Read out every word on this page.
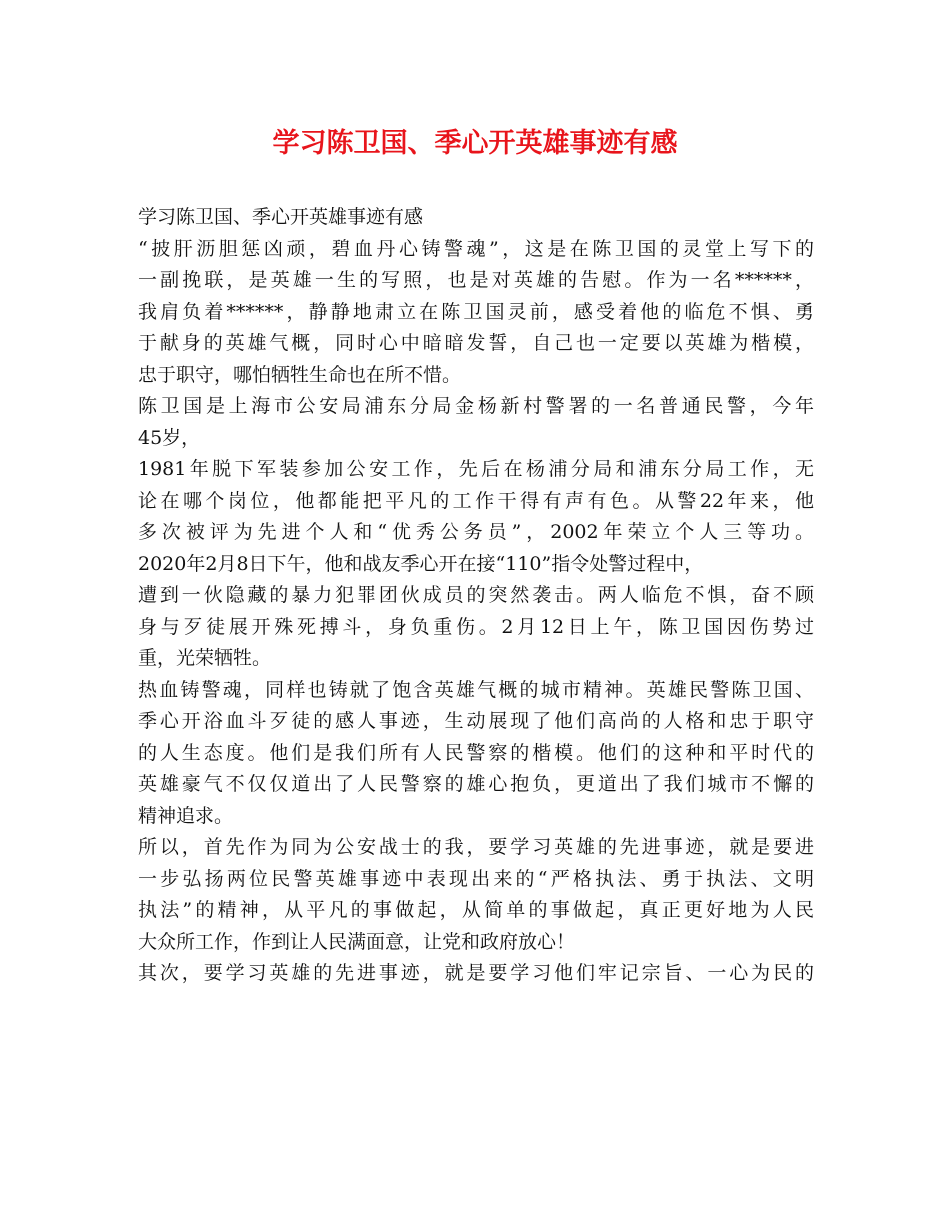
学习陈卫国、季心开英雄事迹有感
学习陈卫国、季心开英雄事迹有感
“披肝沥胆惩凶顽，碧血丹心铸警魂”，这是在陈卫国的灵堂上写下的
一副挽联，是英雄一生的写照，也是对英雄的告慰。作为一名******，
我肩负着******，静静地肃立在陈卫国灵前，感受着他的临危不惧、勇
于献身的英雄气概，同时心中暗暗发誓，自己也一定要以英雄为楷模，
忠于职守，哪怕牺牲生命也在所不惜。
陈卫国是上海市公安局浦东分局金杨新村警署的一名普通民警，今年
45岁，
1981年脱下军装参加公安工作，先后在杨浦分局和浦东分局工作，无
论在哪个岗位，他都能把平凡的工作干得有声有色。从警22年来，他
多次被评为先进个人和“优秀公务员”，2002年荣立个人三等功。
2020年2月8日下午，他和战友季心开在接“110”指令处警过程中，
遭到一伙隐藏的暴力犯罪团伙成员的突然袭击。两人临危不惧，奋不顾
身与歹徒展开殊死搏斗，身负重伤。2月12日上午，陈卫国因伤势过
重，光荣牺牲。
热血铸警魂，同样也铸就了饱含英雄气概的城市精神。英雄民警陈卫国、
季心开浴血斗歹徒的感人事迹，生动展现了他们高尚的人格和忠于职守
的人生态度。他们是我们所有人民警察的楷模。他们的这种和平时代的
英雄豪气不仅仅道出了人民警察的雄心抱负，更道出了我们城市不懈的
精神追求。
所以，首先作为同为公安战士的我，要学习英雄的先进事迹，就是要进
一步弘扬两位民警英雄事迹中表现出来的“严格执法、勇于执法、文明
执法”的精神，从平凡的事做起，从简单的事做起，真正更好地为人民
大众所工作，作到让人民满面意，让党和政府放心！
其次，要学习英雄的先进事迹，就是要学习他们牢记宗旨、一心为民的
